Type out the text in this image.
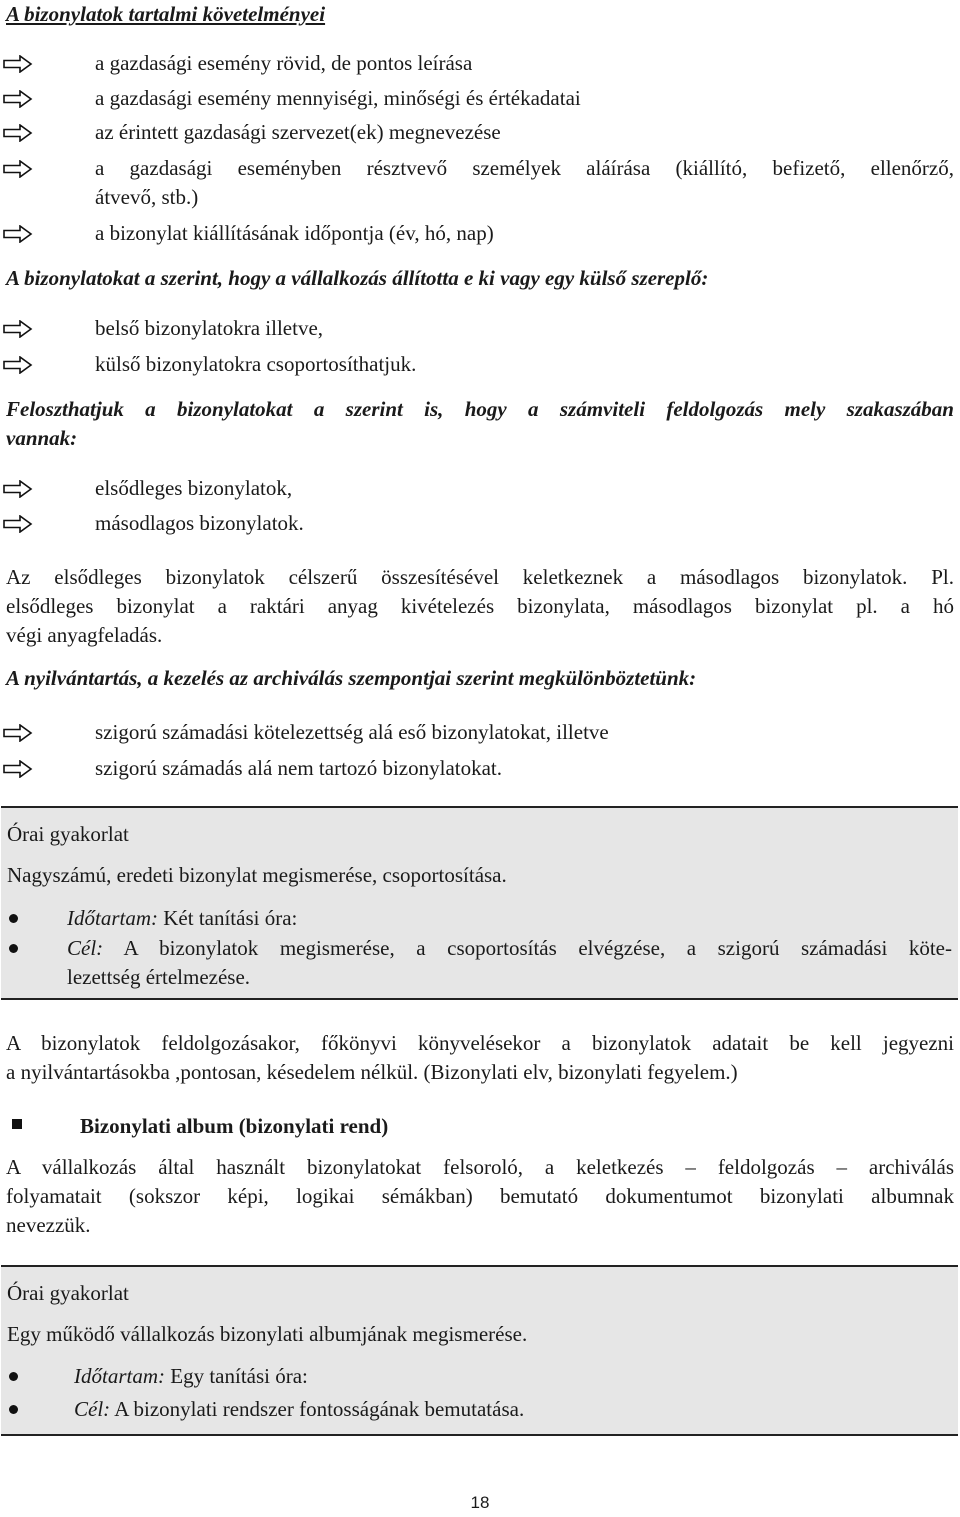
A bizonylatok tartalmi követelményei
a gazdasági esemény rövid, de pontos leírása
a gazdasági esemény mennyiségi, minőségi és értékadatai
az érintett gazdasági szervezet(ek) megnevezése
a gazdasági eseményben résztvevő személyek aláírása (kiállító, befizető, ellenőrző,
átvevő, stb.)
a bizonylat kiállításának időpontja (év, hó, nap)
A bizonylatokat a szerint, hogy a vállalkozás állította e ki vagy egy külső szereplő:
belső bizonylatokra illetve,
külső bizonylatokra csoportosíthatjuk.
Feloszthatjuk a bizonylatokat a szerint is, hogy a számviteli feldolgozás mely szakaszában
vannak:
elsődleges bizonylatok,
másodlagos bizonylatok.
Az elsődleges bizonylatok célszerű összesítésével keletkeznek a másodlagos bizonylatok. Pl.
elsődleges bizonylat a raktári anyag kivételezés bizonylata, másodlagos bizonylat pl. a hó
végi anyagfeladás.
A nyilvántartás, a kezelés az archiválás szempontjai szerint megkülönböztetünk:
szigorú számadási kötelezettség alá eső bizonylatokat, illetve
szigorú számadás alá nem tartozó bizonylatokat.
Órai gyakorlat
Nagyszámú, eredeti bizonylat megismerése, csoportosítása.
Időtartam: Két tanítási óra:
Cél: A bizonylatok megismerése, a csoportosítás elvégzése, a szigorú számadási köte-
lezettség értelmezése.
A bizonylatok feldolgozásakor, főkönyvi könyvelésekor a bizonylatok adatait be kell jegyezni
a nyilvántartásokba ,pontosan, késedelem nélkül. (Bizonylati elv, bizonylati fegyelem.)
Bizonylati album (bizonylati rend)
A vállalkozás által használt bizonylatokat felsoroló, a keletkezés – feldolgozás – archiválás
folyamatait (sokszor képi, logikai sémákban) bemutató dokumentumot bizonylati albumnak
nevezzük.
Órai gyakorlat
Egy működő vállalkozás bizonylati albumjának megismerése.
Időtartam: Egy tanítási óra:
Cél: A bizonylati rendszer fontosságának bemutatása.
18
